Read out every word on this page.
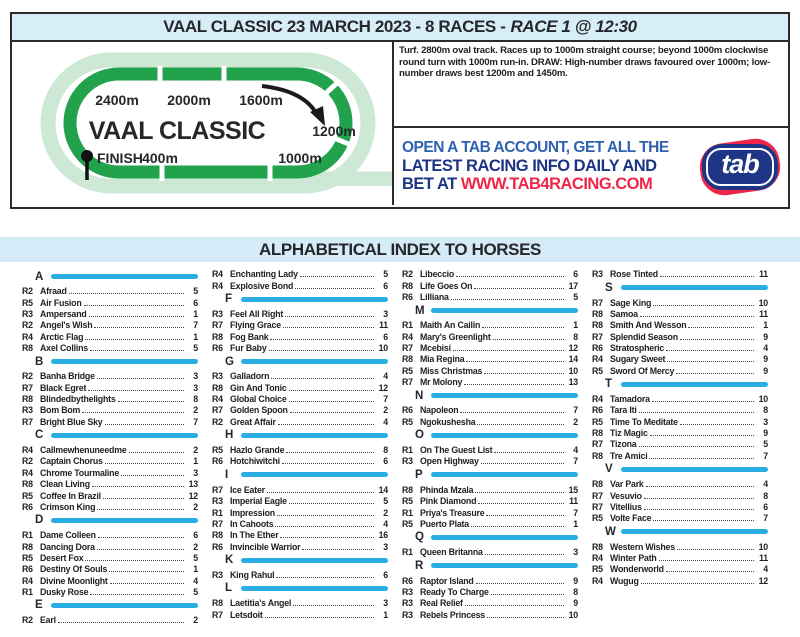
VAAL CLASSIC 23 MARCH 2023 - 8 RACES - RACE 1 @ 12:30
2400m 2000m 1600m
VAAL CLASSIC	1200m
FINISH 400m	1000m
Turf. 2800m oval track. Races up to 1000m straight course; beyond 1000m clockwise round turn with 1000m run-in. DRAW: High-number draws favoured over 1000m; low-number draws best 1200m and 1450m.
OPEN A TAB ACCOUNT, GET ALL THE
LATEST RACING INFO DAILY AND
BET AT WWW.TAB4RACING.COM
tab
ALPHABETICAL INDEX TO HORSES
A
R2 Afraad	5
R5 Air Fusion	6
R3 Ampersand	1
R2 Angel's Wish	7
R4 Arctic Flag	1
R8 Axel Collins	5
B
R2 Banha Bridge	3
R7 Black Egret	3
R8 Blindedbythelights	8
R3 Bom Bom	2
R7 Bright Blue Sky	7
C
R4 Callmewhenuneedme	2
R2 Captain Chorus	1
R4 Chrome Tourmaline	3
R8 Clean Living	13
R5 Coffee In Brazil	12
R6 Crimson King	2
D
R1 Dame Colleen	6
R8 Dancing Dora	2
R5 Desert Fox	5
R6 Destiny Of Souls	1
R4 Divine Moonlight	4
R1 Dusky Rose	5
E
R2 Earl	2
R4 Enchanting Lady	5
R4 Explosive Bond	6
F
R3 Feel All Right	3
R7 Flying Grace	11
R8 Fog Bank	6
R6 Fur Baby	10
G
R3 Galladorn	4
R8 Gin And Tonic	12
R4 Global Choice	7
R7 Golden Spoon	2
R2 Great Affair	4
H
R5 Hazlo Grande	8
R6 Hotchiwitchi	6
I
R7 Ice Eater	14
R3 Imperial Eagle	5
R1 Impression	2
R7 In Cahoots	4
R8 In The Ether	16
R6 Invincible Warrior	3
K
R3 King Rahul	6
L
R8 Laetitia's Angel	3
R7 Letsdoit	1
R2 Libeccio	6
R8 Life Goes On	17
R6 Lilliana	5
M
R1 Maith An Cailin	1
R4 Mary's Greenlight	8
R7 Mcebisi	12
R8 Mia Regina	14
R5 Miss Christmas	10
R7 Mr Molony	13
N
R6 Napoleon	7
R5 Ngokushesha	2
O
R1 On The Guest List	4
R3 Open Highway	7
P
R8 Phinda Mzala	15
R5 Pink Diamond	11
R1 Priya's Treasure	7
R5 Puerto Plata	1
Q
R1 Queen Britanna	3
R
R6 Raptor Island	9
R3 Ready To Charge	8
R3 Real Relief	9
R3 Rebels Princess	10
R3 Rose Tinted	11
S
R7 Sage King	10
R8 Samoa	11
R8 Smith And Wesson	1
R7 Splendid Season	9
R6 Stratospheric	4
R4 Sugary Sweet	9
R5 Sword Of Mercy	9
T
R4 Tamadora	10
R6 Tara Iti	8
R5 Time To Meditate	3
R8 Tiz Magic	9
R7 Tizona	5
R8 Tre Amici	7
V
R8 Var Park	4
R7 Vesuvio	8
R7 Vitellius	6
R5 Volte Face	7
W
R8 Western Wishes	10
R4 Winter Path	11
R5 Wonderworld	4
R4 Wugug	12
